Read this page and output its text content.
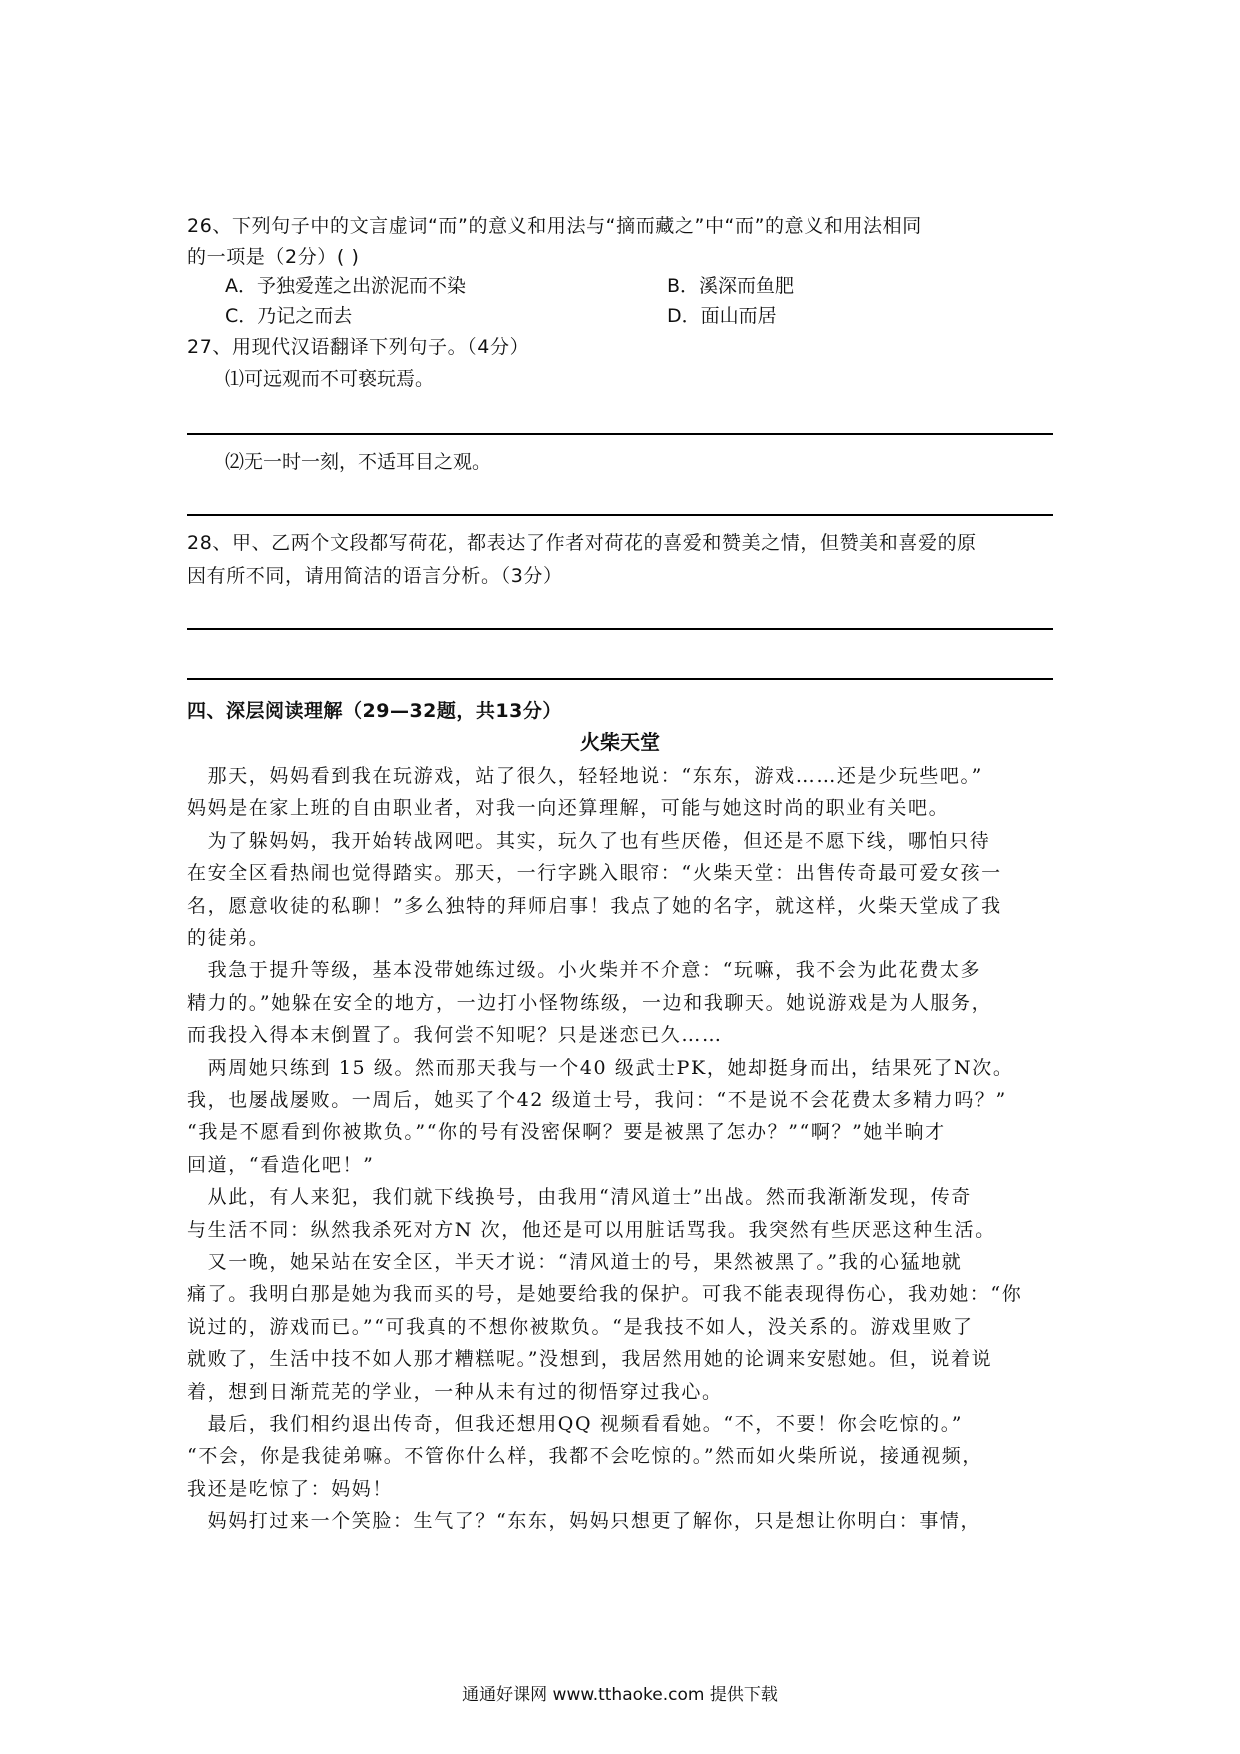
26、下列句子中的文言虚词“而”的意义和用法与“摘而藏之”中“而”的意义和用法相同
的一项是（2分）( )
A．予独爱莲之出淤泥而不染	B．溪深而鱼肥
C．乃记之而去	D．面山而居
27、用现代汉语翻译下列句子。（4分）
⑴可远观而不可亵玩焉。
⑵无一时一刻，不适耳目之观。
28、甲、乙两个文段都写荷花，都表达了作者对荷花的喜爱和赞美之情，但赞美和喜爱的原
因有所不同，请用简洁的语言分析。（3分）
四、深层阅读理解（29—32题，共13分）
火柴天堂
　那天，妈妈看到我在玩游戏，站了很久，轻轻地说：“东东，游戏……还是少玩些吧。”
妈妈是在家上班的自由职业者，对我一向还算理解，可能与她这时尚的职业有关吧。
　为了躲妈妈，我开始转战网吧。其实，玩久了也有些厌倦，但还是不愿下线，哪怕只待
在安全区看热闹也觉得踏实。那天，一行字跳入眼帘：“火柴天堂：出售传奇最可爱女孩一
名，愿意收徒的私聊！”多么独特的拜师启事！我点了她的名字，就这样，火柴天堂成了我
的徒弟。
　我急于提升等级，基本没带她练过级。小火柴并不介意：“玩嘛，我不会为此花费太多
精力的。”她躲在安全的地方，一边打小怪物练级，一边和我聊天。她说游戏是为人服务，
而我投入得本末倒置了。我何尝不知呢？只是迷恋已久……
　两周她只练到 15 级。然而那天我与一个40 级武士PK，她却挺身而出，结果死了N次。
我，也屡战屡败。一周后，她买了个42 级道士号，我问：“不是说不会花费太多精力吗？”
“我是不愿看到你被欺负。”“你的号有没密保啊？要是被黑了怎办？”“啊？”她半晌才
回道，“看造化吧！”
　从此，有人来犯，我们就下线换号，由我用“清风道士”出战。然而我渐渐发现，传奇
与生活不同：纵然我杀死对方N 次，他还是可以用脏话骂我。我突然有些厌恶这种生活。
　又一晚，她呆站在安全区，半天才说：“清风道士的号，果然被黑了。”我的心猛地就
痛了。我明白那是她为我而买的号，是她要给我的保护。可我不能表现得伤心，我劝她：“你
说过的，游戏而已。”“可我真的不想你被欺负。“是我技不如人，没关系的。游戏里败了
就败了，生活中技不如人那才糟糕呢。”没想到，我居然用她的论调来安慰她。但，说着说
着，想到日渐荒芜的学业，一种从未有过的彻悟穿过我心。
　最后，我们相约退出传奇，但我还想用QQ 视频看看她。“不，不要！你会吃惊的。”
“不会，你是我徒弟嘛。不管你什么样，我都不会吃惊的。”然而如火柴所说，接通视频，
我还是吃惊了：妈妈！
　妈妈打过来一个笑脸：生气了？“东东，妈妈只想更了解你，只是想让你明白：事情，
通通好课网 www.tthaoke.com 提供下载
